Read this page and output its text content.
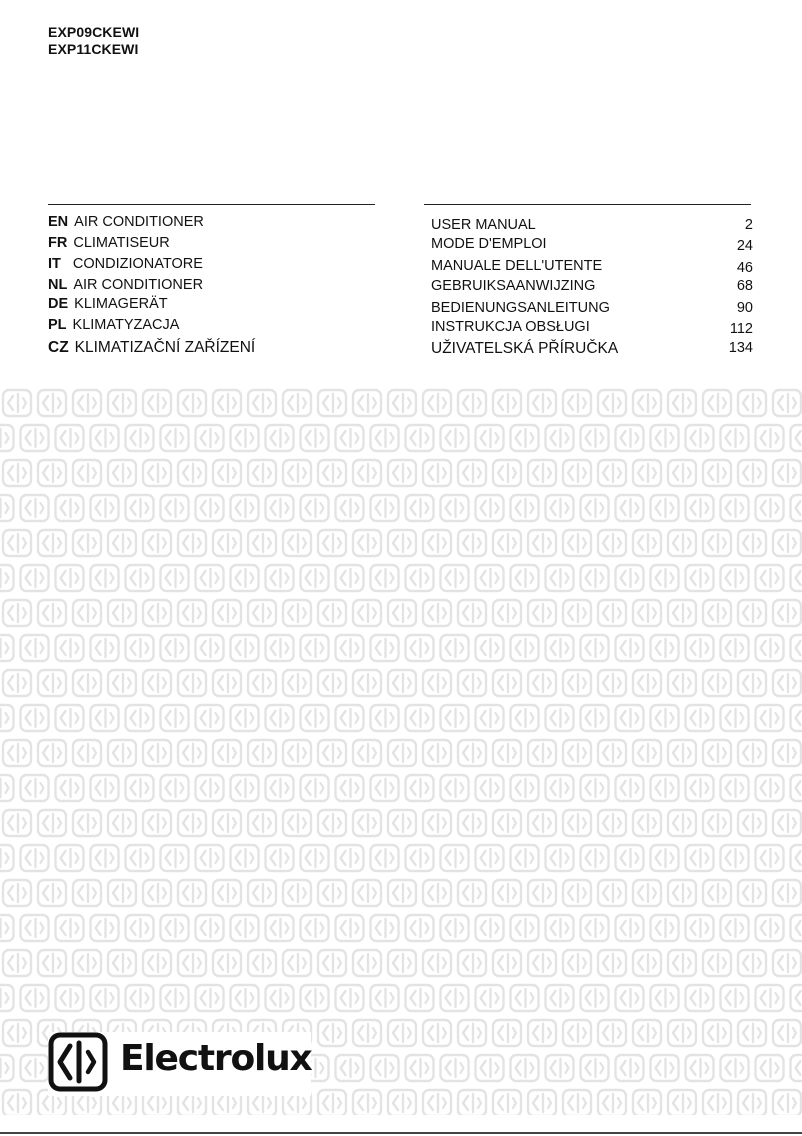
EXP09CKEWI
EXP11CKEWI
EN AIR CONDITIONER
FR CLIMATISEUR
IT CONDIZIONATORE
NL AIR CONDITIONER
DE KLIMAGERÄT
PL KLIMATYZACJA
CZ KLIMATIZAČNÍ ZAŘÍZENÍ
USER MANUAL	2
MODE D'EMPLOI	24
MANUALE DELL'UTENTE	46
GEBRUIKSAANWIJZING	68
BEDIENUNGSANLEITUNG	90
INSTRUKCJA OBSŁUGI	112
UŽIVATELSKÁ PŘÍRUČKA	134
Electrolux
